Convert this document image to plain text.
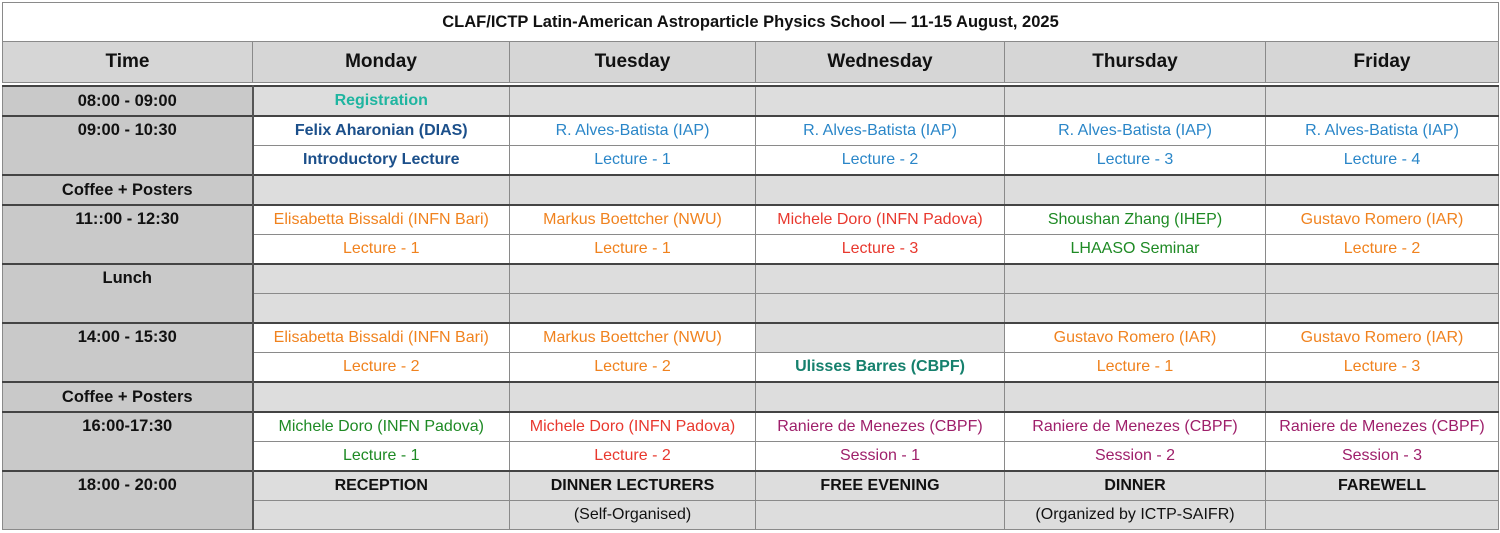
CLAF/ICTP Latin-American Astroparticle Physics School — 11-15 August, 2025					
Time	Monday	Tuesday	Wednesday	Thursday	Friday

08:00 - 09:00	Registration				
09:00 - 10:30	Felix Aharonian (DIAS)	R. Alves-Batista (IAP)	R. Alves-Batista (IAP)	R. Alves-Batista (IAP)	R. Alves-Batista (IAP)
	Introductory Lecture	Lecture - 1	Lecture - 2	Lecture - 3	Lecture - 4
Coffee + Posters					
11::00 - 12:30	Elisabetta Bissaldi (INFN Bari)	Markus Boettcher (NWU)	Michele Doro (INFN Padova)	Shoushan Zhang (IHEP)	Gustavo Romero (IAR)
	Lecture - 1	Lecture - 1	Lecture - 3	LHAASO Seminar	Lecture - 2
Lunch					

14:00 - 15:30	Elisabetta Bissaldi (INFN Bari)	Markus Boettcher (NWU)		Gustavo Romero (IAR)	Gustavo Romero (IAR)
	Lecture - 2	Lecture - 2	Ulisses Barres (CBPF)	Lecture - 1	Lecture - 3
Coffee + Posters					
16:00-17:30	Michele Doro (INFN Padova)	Michele Doro (INFN Padova)	Raniere de Menezes (CBPF)	Raniere de Menezes (CBPF)	Raniere de Menezes (CBPF)
	Lecture - 1	Lecture - 2	Session - 1	Session - 2	Session - 3
18:00 - 20:00	RECEPTION	DINNER LECTURERS	FREE EVENING	DINNER	FAREWELL
		(Self-Organised)		(Organized by ICTP-SAIFR)	
